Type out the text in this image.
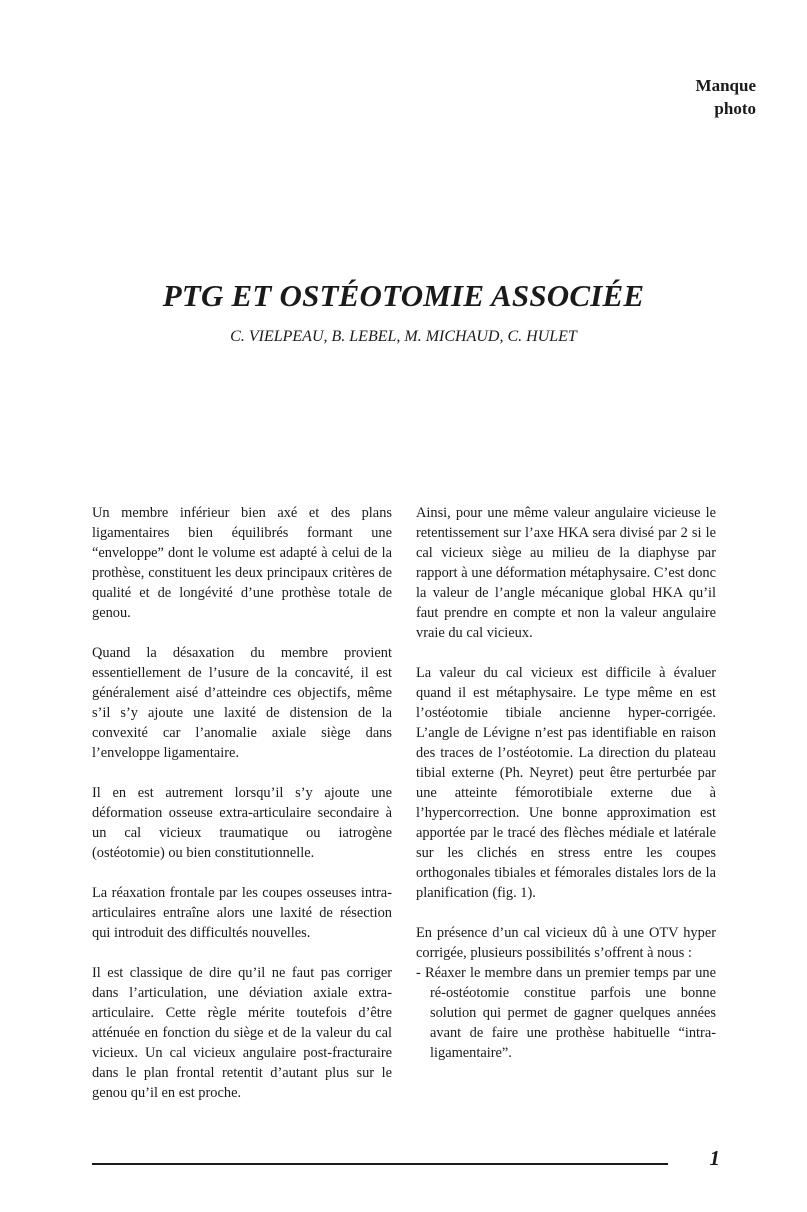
Manque
photo
PTG ET OSTÉOTOMIE ASSOCIÉE
C. VIELPEAU, B. LEBEL, M. MICHAUD, C. HULET

Un membre inférieur bien axé et des plans ligamentaires bien équilibrés formant une “enveloppe” dont le volume est adapté à celui de la prothèse, constituent les deux principaux critères de qualité et de longévité d’une prothèse totale de genou.

Quand la désaxation du membre provient essentiellement de l’usure de la concavité, il est généralement aisé d’atteindre ces objectifs, même s’il s’y ajoute une laxité de distension de la convexité car l’anomalie axiale siège dans l’enveloppe ligamentaire.

Il en est autrement lorsqu’il s’y ajoute une déformation osseuse extra-articulaire secondaire à un cal vicieux traumatique ou iatrogène (ostéotomie) ou bien constitutionnelle.

La réaxation frontale par les coupes osseuses intra-articulaires entraîne alors une laxité de résection qui introduit des difficultés nouvelles.

Il est classique de dire qu’il ne faut pas corriger dans l’articulation, une déviation axiale extra-articulaire. Cette règle mérite toutefois d’être atténuée en fonction du siège et de la valeur du cal vicieux. Un cal vicieux angulaire post-fracturaire dans le plan frontal retentit d’autant plus sur le genou qu’il en est proche.

Ainsi, pour une même valeur angulaire vicieuse le retentissement sur l’axe HKA sera divisé par 2 si le cal vicieux siège au milieu de la diaphyse par rapport à une déformation métaphysaire. C’est donc la valeur de l’angle mécanique global HKA qu’il faut prendre en compte et non la valeur angulaire vraie du cal vicieux.

La valeur du cal vicieux est difficile à évaluer quand il est métaphysaire. Le type même en est l’ostéotomie tibiale ancienne hyper-corrigée. L’angle de Lévigne n’est pas identifiable en raison des traces de l’ostéotomie. La direction du plateau tibial externe (Ph. Neyret) peut être perturbée par une atteinte fémorotibiale externe due à l’hypercorrection. Une bonne approximation est apportée par le tracé des flèches médiale et latérale sur les clichés en stress entre les coupes orthogonales tibiales et fémorales distales lors de la planification (fig. 1).

En présence d’un cal vicieux dû à une OTV hyper corrigée, plusieurs possibilités s’offrent à nous :

- Réaxer le membre dans un premier temps par une ré-ostéotomie constitue parfois une bonne solution qui permet de gagner quelques années avant de faire une prothèse habituelle “intra-ligamentaire”.
1
